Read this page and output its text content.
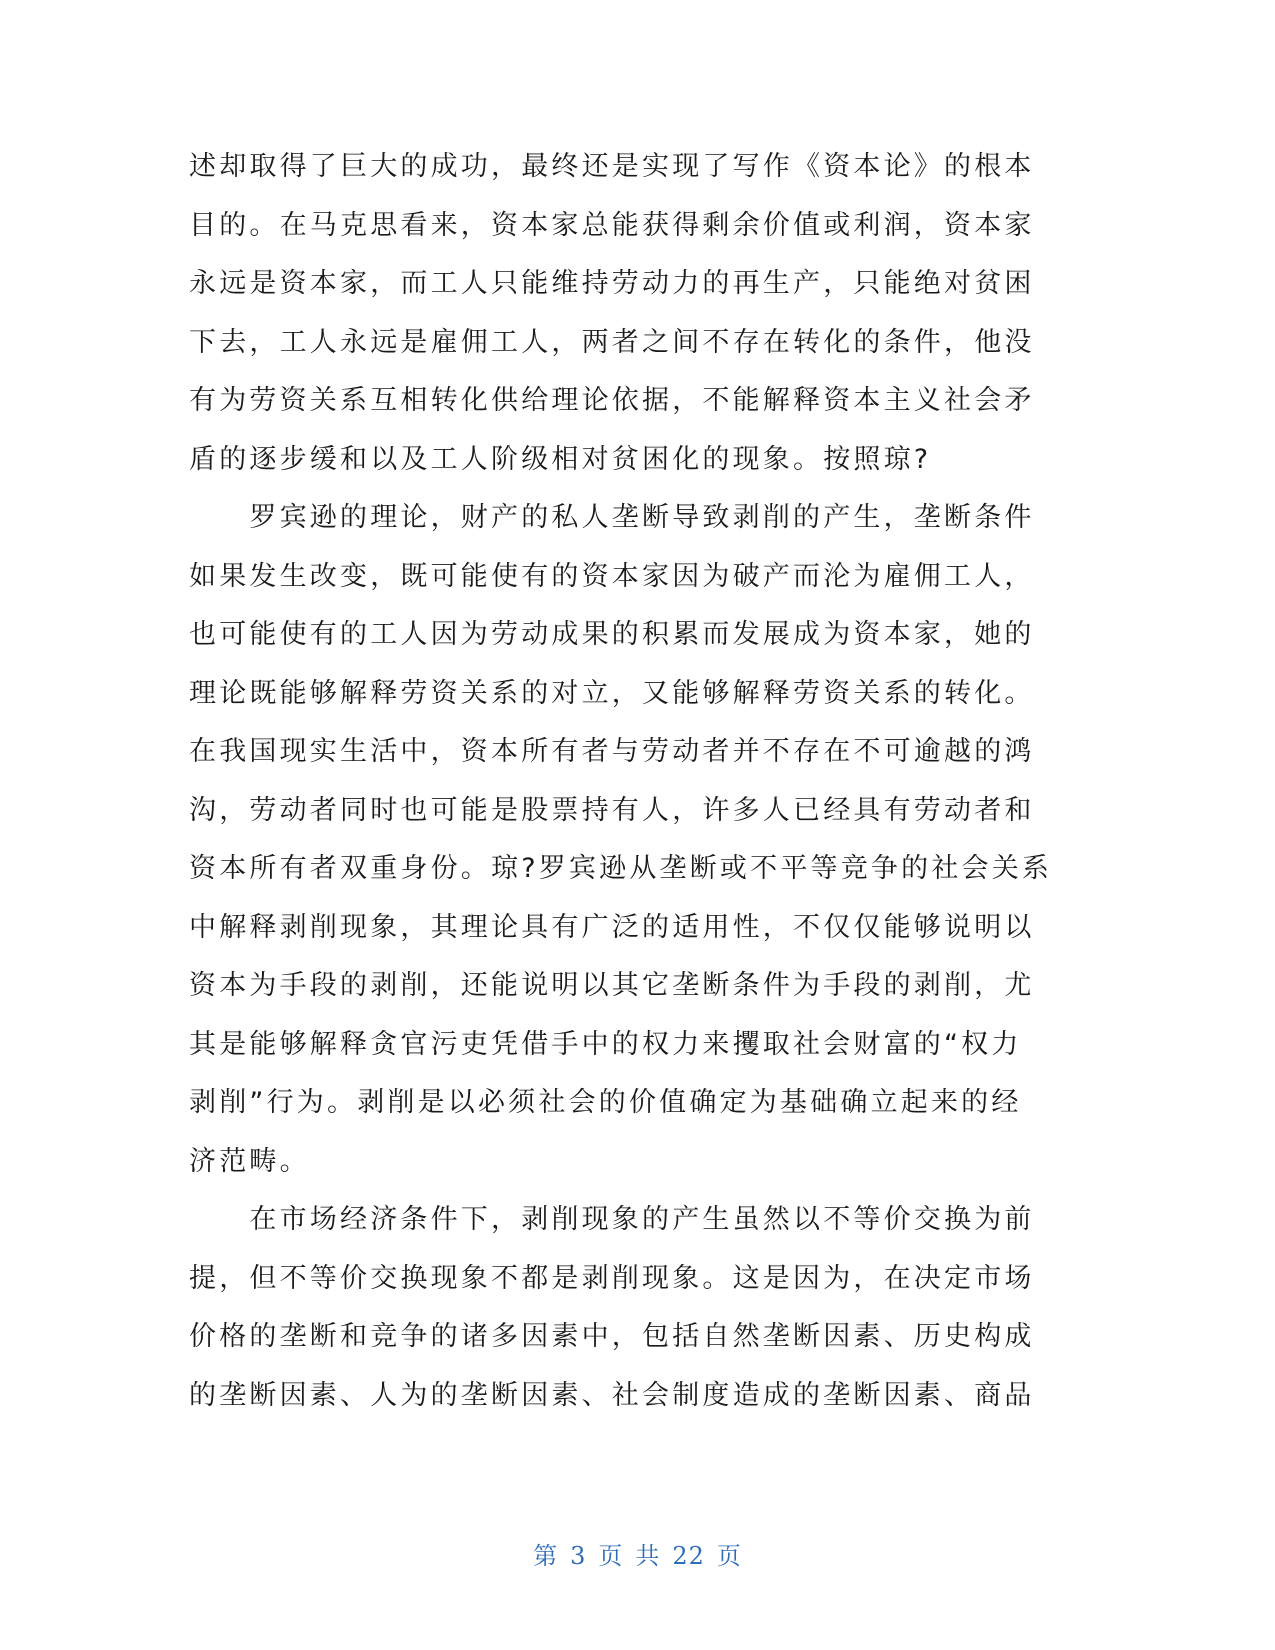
述却取得了巨大的成功，最终还是实现了写作《资本论》的根本
目的。在马克思看来，资本家总能获得剩余价值或利润，资本家
永远是资本家，而工人只能维持劳动力的再生产，只能绝对贫困
下去，工人永远是雇佣工人，两者之间不存在转化的条件，他没
有为劳资关系互相转化供给理论依据，不能解释资本主义社会矛
盾的逐步缓和以及工人阶级相对贫困化的现象。按照琼?
　　罗宾逊的理论，财产的私人垄断导致剥削的产生，垄断条件
如果发生改变，既可能使有的资本家因为破产而沦为雇佣工人，
也可能使有的工人因为劳动成果的积累而发展成为资本家，她的
理论既能够解释劳资关系的对立，又能够解释劳资关系的转化。
在我国现实生活中，资本所有者与劳动者并不存在不可逾越的鸿
沟，劳动者同时也可能是股票持有人，许多人已经具有劳动者和
资本所有者双重身份。琼?罗宾逊从垄断或不平等竞争的社会关系
中解释剥削现象，其理论具有广泛的适用性，不仅仅能够说明以
资本为手段的剥削，还能说明以其它垄断条件为手段的剥削，尤
其是能够解释贪官污吏凭借手中的权力来攫取社会财富的“权力
剥削”行为。剥削是以必须社会的价值确定为基础确立起来的经
济范畴。
　　在市场经济条件下，剥削现象的产生虽然以不等价交换为前
提，但不等价交换现象不都是剥削现象。这是因为，在决定市场
价格的垄断和竞争的诸多因素中，包括自然垄断因素、历史构成
的垄断因素、人为的垄断因素、社会制度造成的垄断因素、商品
第 3 页 共 22 页
